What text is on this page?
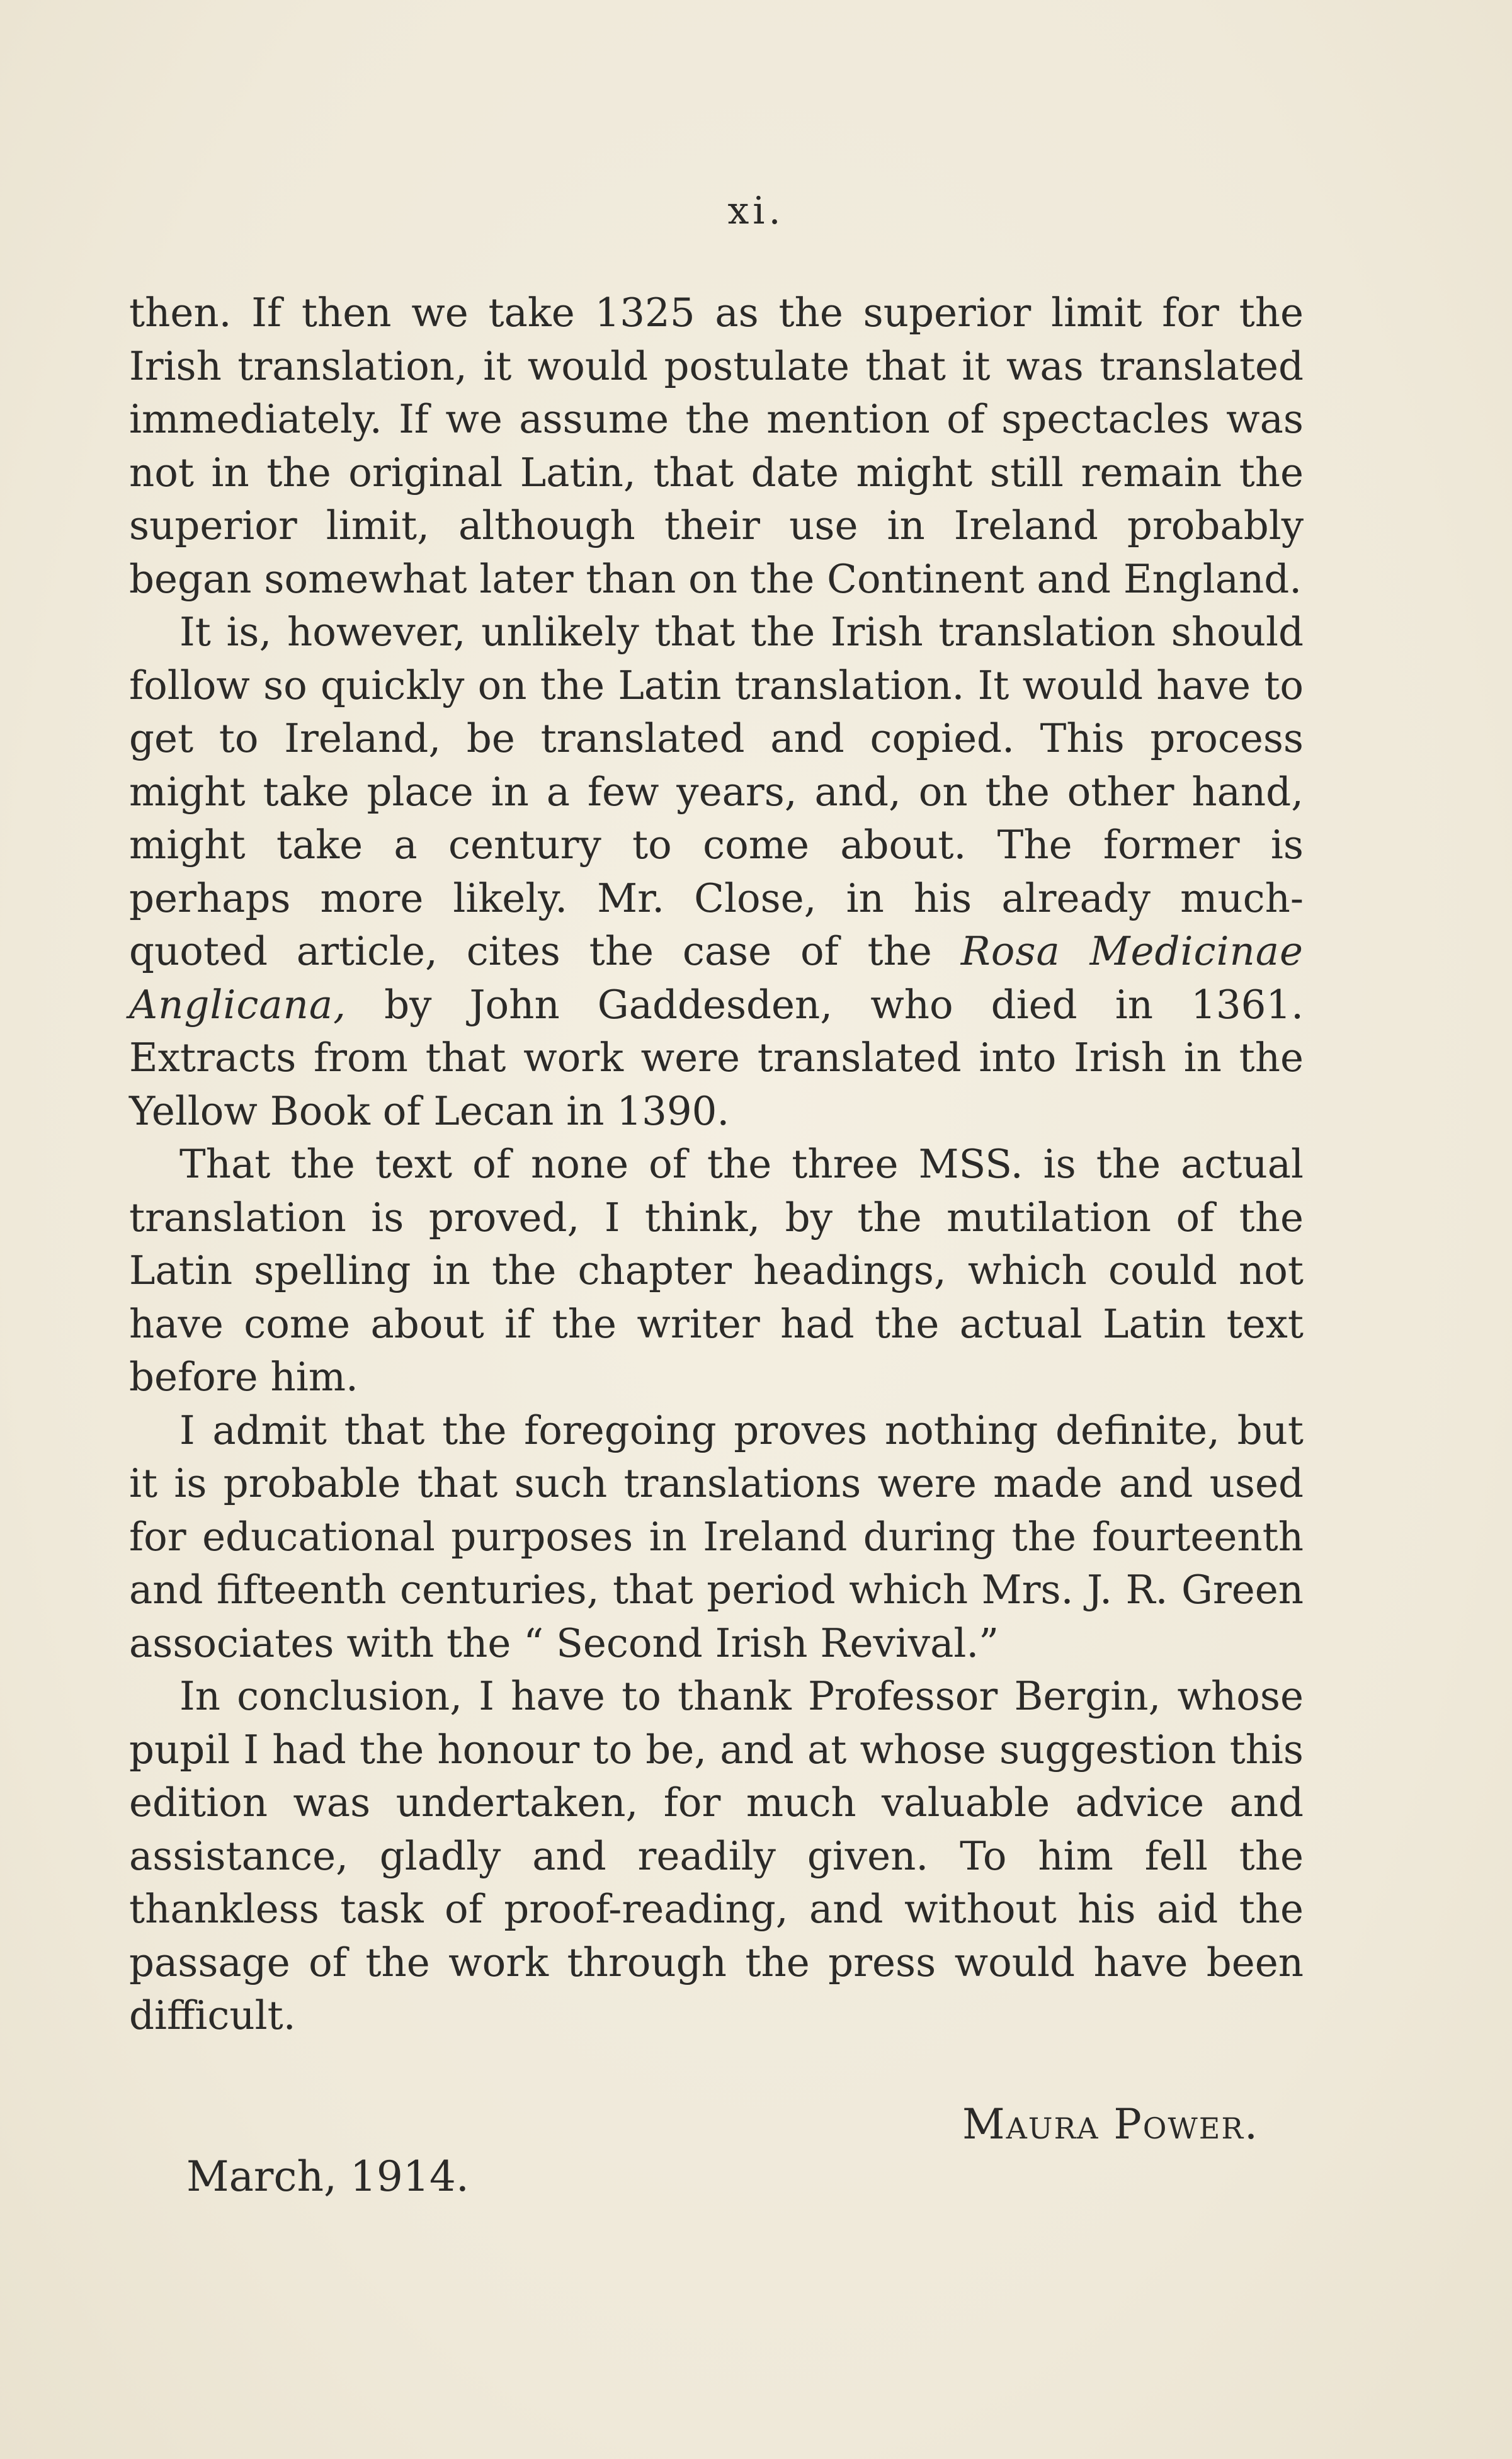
xi.

then. If then we take 1325 as the superior limit for the Irish translation, it would postulate that it was translated immediately. If we assume the mention of spectacles was not in the original Latin, that date might still remain the superior limit, although their use in Ireland probably began somewhat later than on the Continent and England.

It is, however, unlikely that the Irish translation should follow so quickly on the Latin translation. It would have to get to Ireland, be translated and copied. This process might take place in a few years, and, on the other hand, might take a century to come about. The former is perhaps more likely. Mr. Close, in his already much-quoted article, cites the case of the Rosa Medicinae Anglicana, by John Gaddesden, who died in 1361. Extracts from that work were translated into Irish in the Yellow Book of Lecan in 1390.

That the text of none of the three MSS. is the actual translation is proved, I think, by the mutilation of the Latin spelling in the chapter headings, which could not have come about if the writer had the actual Latin text before him.

I admit that the foregoing proves nothing definite, but it is probable that such translations were made and used for educational purposes in Ireland during the fourteenth and fifteenth centuries, that period which Mrs. J. R. Green associates with the “ Second Irish Revival.”

In conclusion, I have to thank Professor Bergin, whose pupil I had the honour to be, and at whose suggestion this edition was undertaken, for much valuable advice and assistance, gladly and readily given. To him fell the thankless task of proof-reading, and without his aid the passage of the work through the press would have been difficult.

Maura Power.
March, 1914.
